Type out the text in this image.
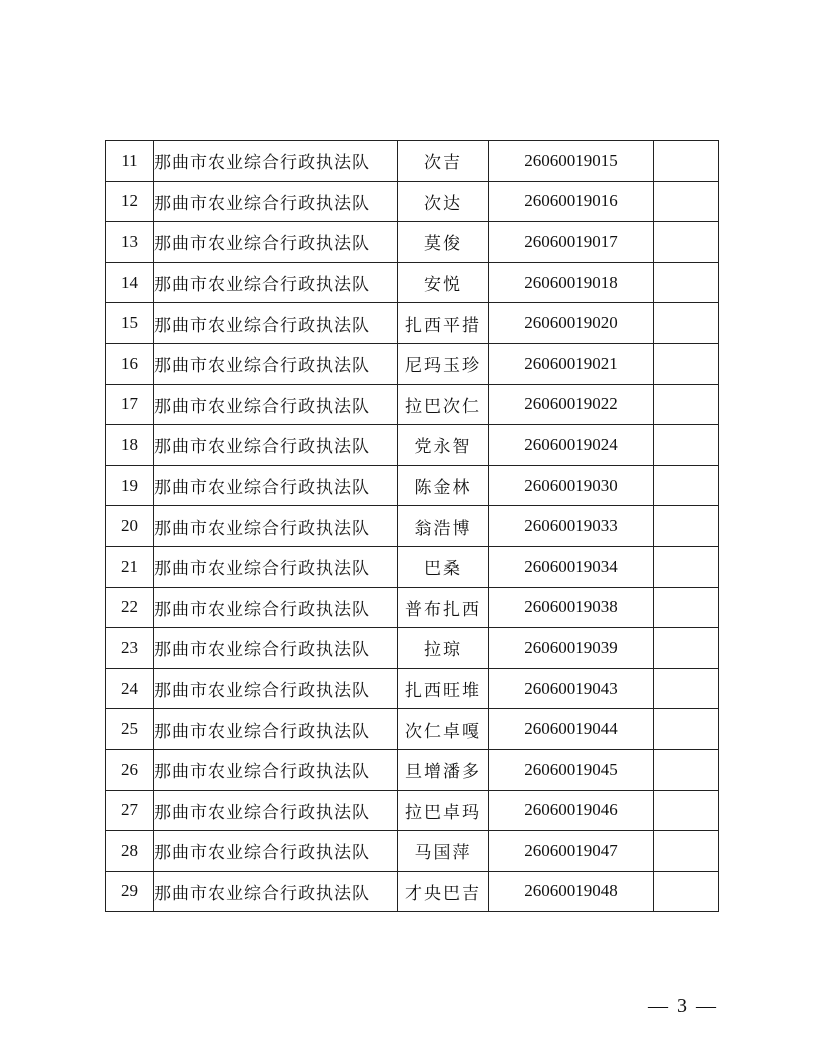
11	那曲市农业综合行政执法队	次吉	26060019015	
12	那曲市农业综合行政执法队	次达	26060019016	
13	那曲市农业综合行政执法队	莫俊	26060019017	
14	那曲市农业综合行政执法队	安悦	26060019018	
15	那曲市农业综合行政执法队	扎西平措	26060019020	
16	那曲市农业综合行政执法队	尼玛玉珍	26060019021	
17	那曲市农业综合行政执法队	拉巴次仁	26060019022	
18	那曲市农业综合行政执法队	党永智	26060019024	
19	那曲市农业综合行政执法队	陈金林	26060019030	
20	那曲市农业综合行政执法队	翁浩博	26060019033	
21	那曲市农业综合行政执法队	巴桑	26060019034	
22	那曲市农业综合行政执法队	普布扎西	26060019038	
23	那曲市农业综合行政执法队	拉琼	26060019039	
24	那曲市农业综合行政执法队	扎西旺堆	26060019043	
25	那曲市农业综合行政执法队	次仁卓嘎	26060019044	
26	那曲市农业综合行政执法队	旦增潘多	26060019045	
27	那曲市农业综合行政执法队	拉巴卓玛	26060019046	
28	那曲市农业综合行政执法队	马国萍	26060019047	
29	那曲市农业综合行政执法队	才央巴吉	26060019048	
— 3 —
